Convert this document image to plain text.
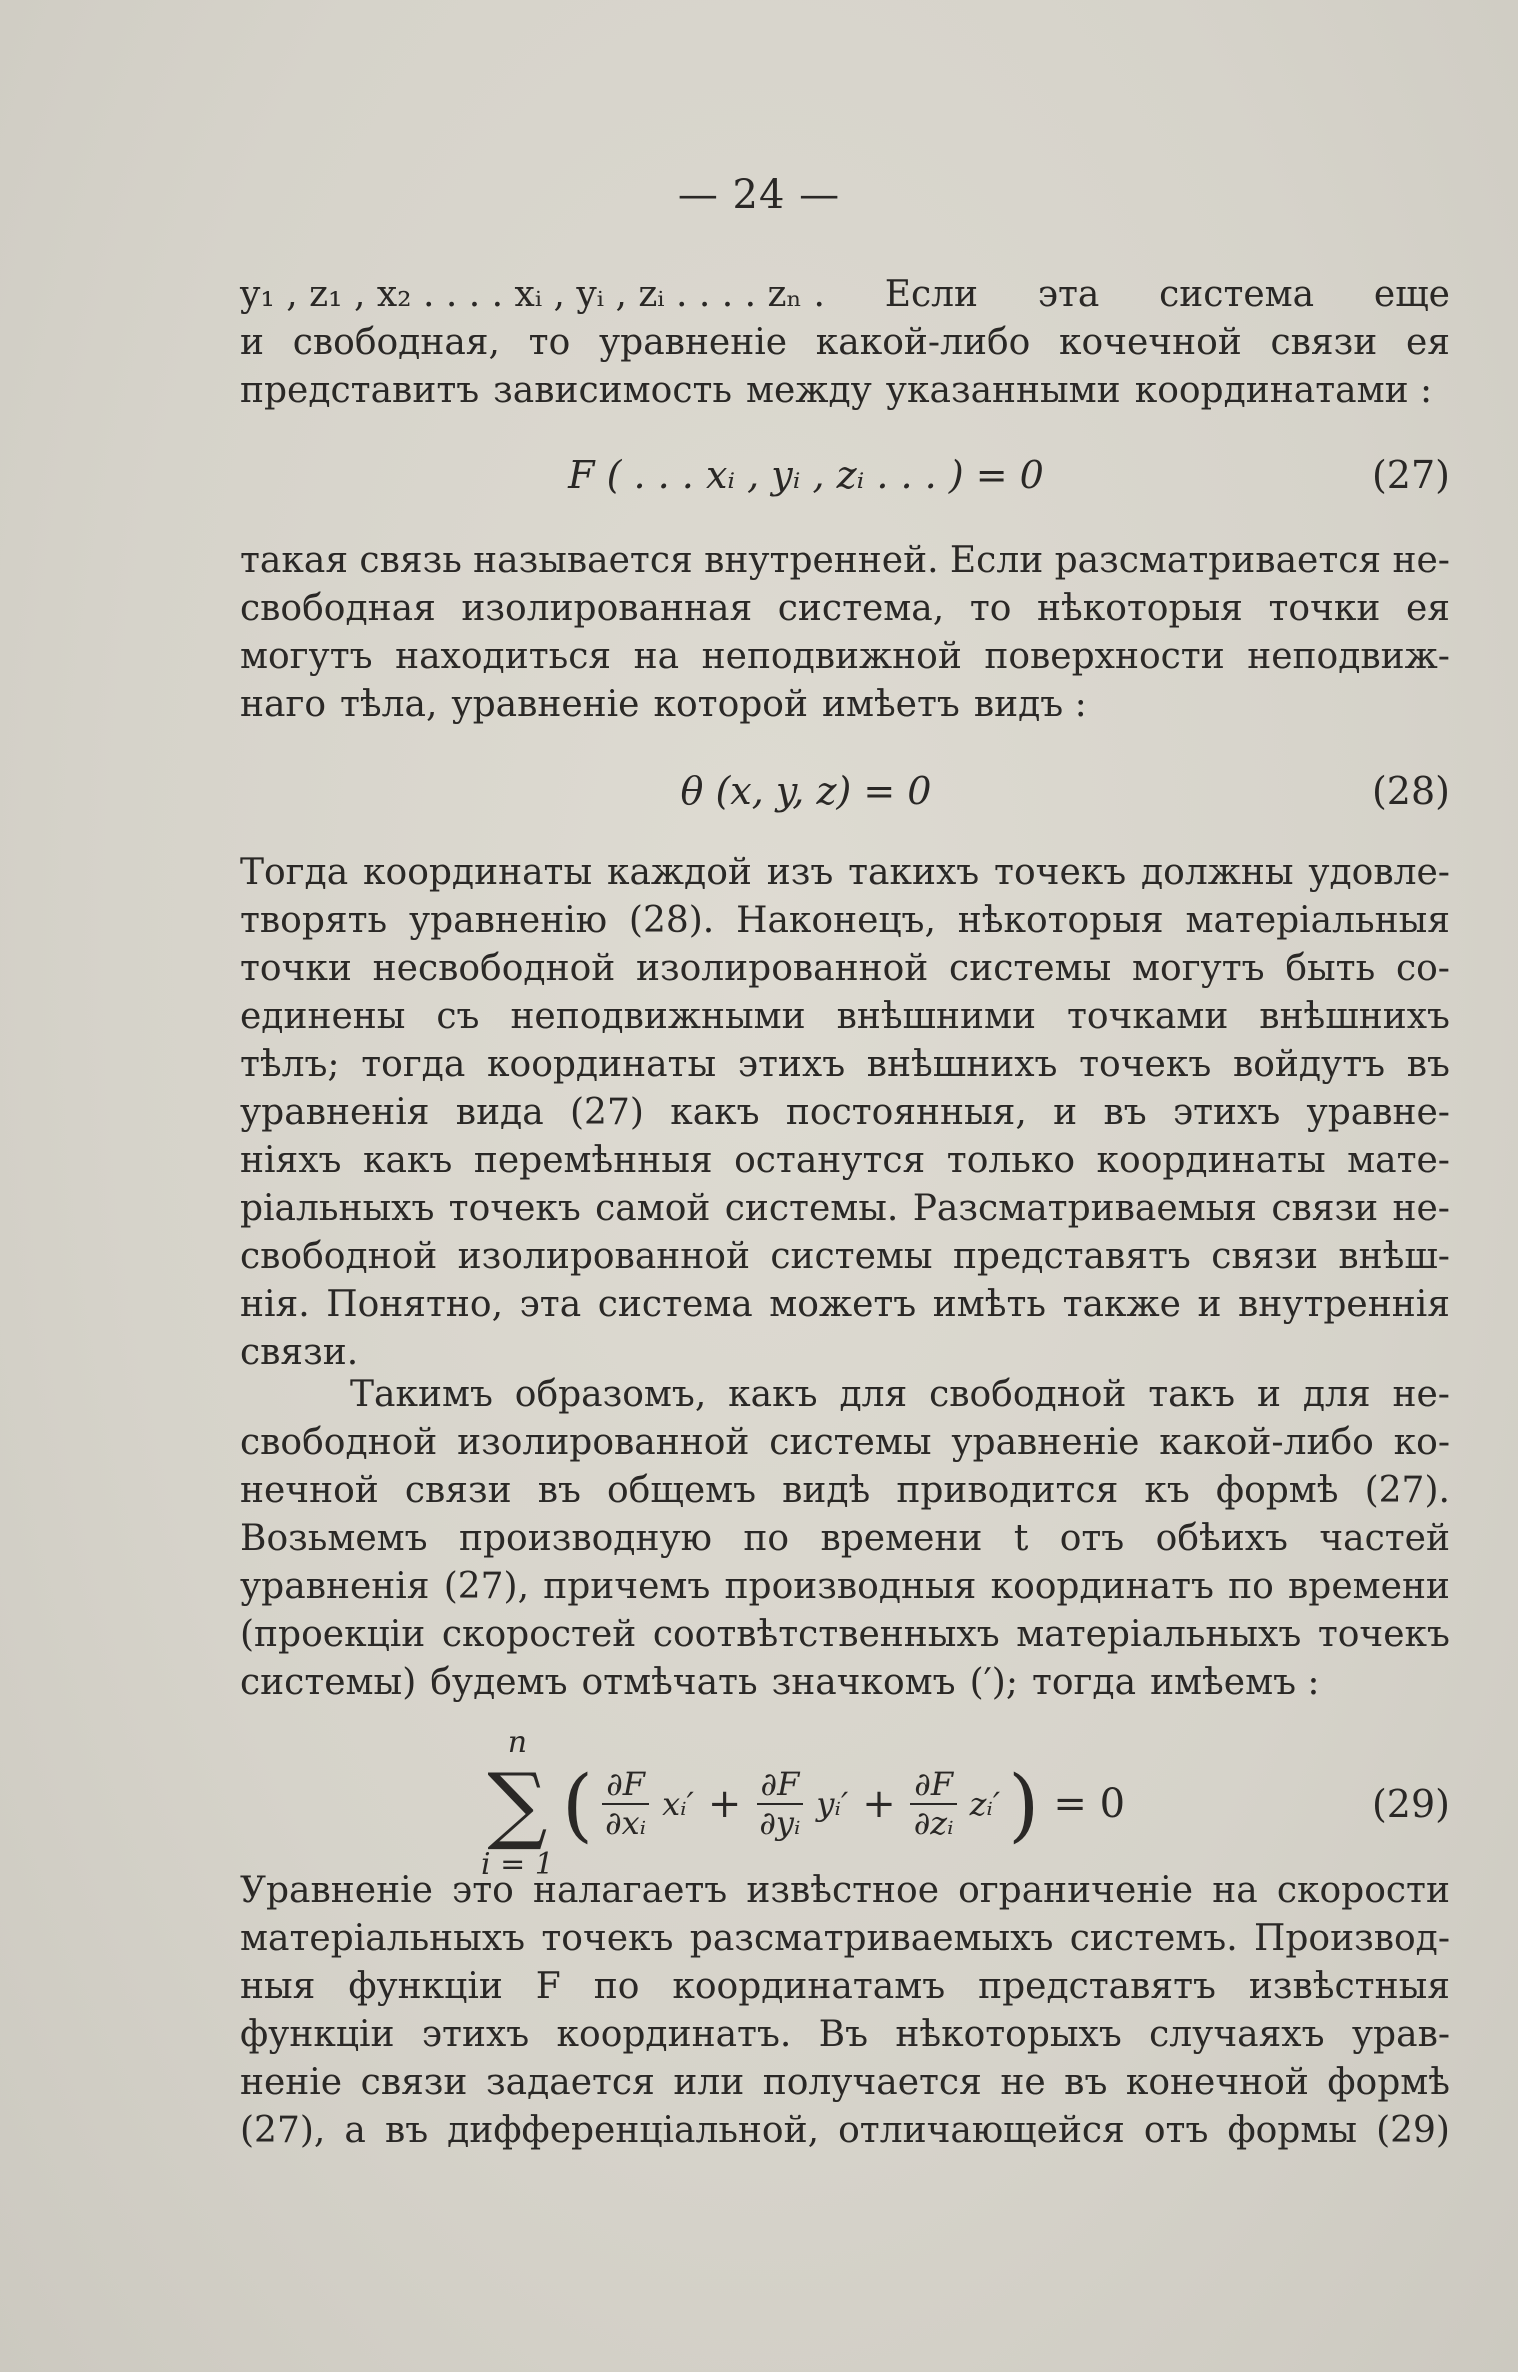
— 24 —
y₁ , z₁ , x₂ . . . . xᵢ , yᵢ , zᵢ . . . . zₙ . Если эта система еще
и свободная, то уравненіе какой-либо кочечной связи ея
представитъ зависимость между указанными координатами :
F ( . . . xᵢ , yᵢ , zᵢ . . . ) = 0	(27)
такая связь называется внутренней. Если разсматривается не-
свободная изолированная система, то нѣкоторыя точки ея
могутъ находиться на неподвижной поверхности неподвиж-
наго тѣла, уравненіе которой имѣетъ видъ :
θ (x, y, z) = 0	(28)
Тогда координаты каждой изъ такихъ точекъ должны удовле-
творять уравненію (28). Наконецъ, нѣкоторыя матеріальныя
точки несвободной изолированной системы могутъ быть со-
единены съ неподвижными внѣшними точками внѣшнихъ
тѣлъ; тогда координаты этихъ внѣшнихъ точекъ войдутъ въ
уравненія вида (27) какъ постоянныя, и въ этихъ уравне-
ніяхъ какъ перемѣнныя останутся только координаты мате-
ріальныхъ точекъ самой системы. Разсматриваемыя связи не-
свободной изолированной системы представятъ связи внѣш-
нія. Понятно, эта система можетъ имѣть также и внутреннія
связи.
Такимъ образомъ, какъ для свободной такъ и для не-
свободной изолированной системы уравненіе какой-либо ко-
нечной связи въ общемъ видѣ приводится къ формѣ (27).
Возьмемъ производную по времени t отъ обѣихъ частей
уравненія (27), причемъ производныя координатъ по времени
(проекціи скоростей соотвѣтственныхъ матеріальныхъ точекъ
системы) будемъ отмѣчать значкомъ (′); тогда имѣемъ :
n
∑
i = 1
( $\frac{\partial F}{\text{∂xᵢ}}$ xᵢ′ + $\frac{\partial F}{\text{∂yᵢ}}$ yᵢ′ + $\frac{\partial F}{\text{∂zᵢ}}$ zᵢ′ ) = 0	(29)
Уравненіе это налагаетъ извѣстное ограниченіе на скорости
матеріальныхъ точекъ разсматриваемыхъ системъ. Производ-
ныя функціи F по координатамъ представятъ извѣстныя
функціи этихъ координатъ. Въ нѣкоторыхъ случаяхъ урав-
неніе связи задается или получается не въ конечной формѣ
(27), а въ дифференціальной, отличающейся отъ формы (29)
